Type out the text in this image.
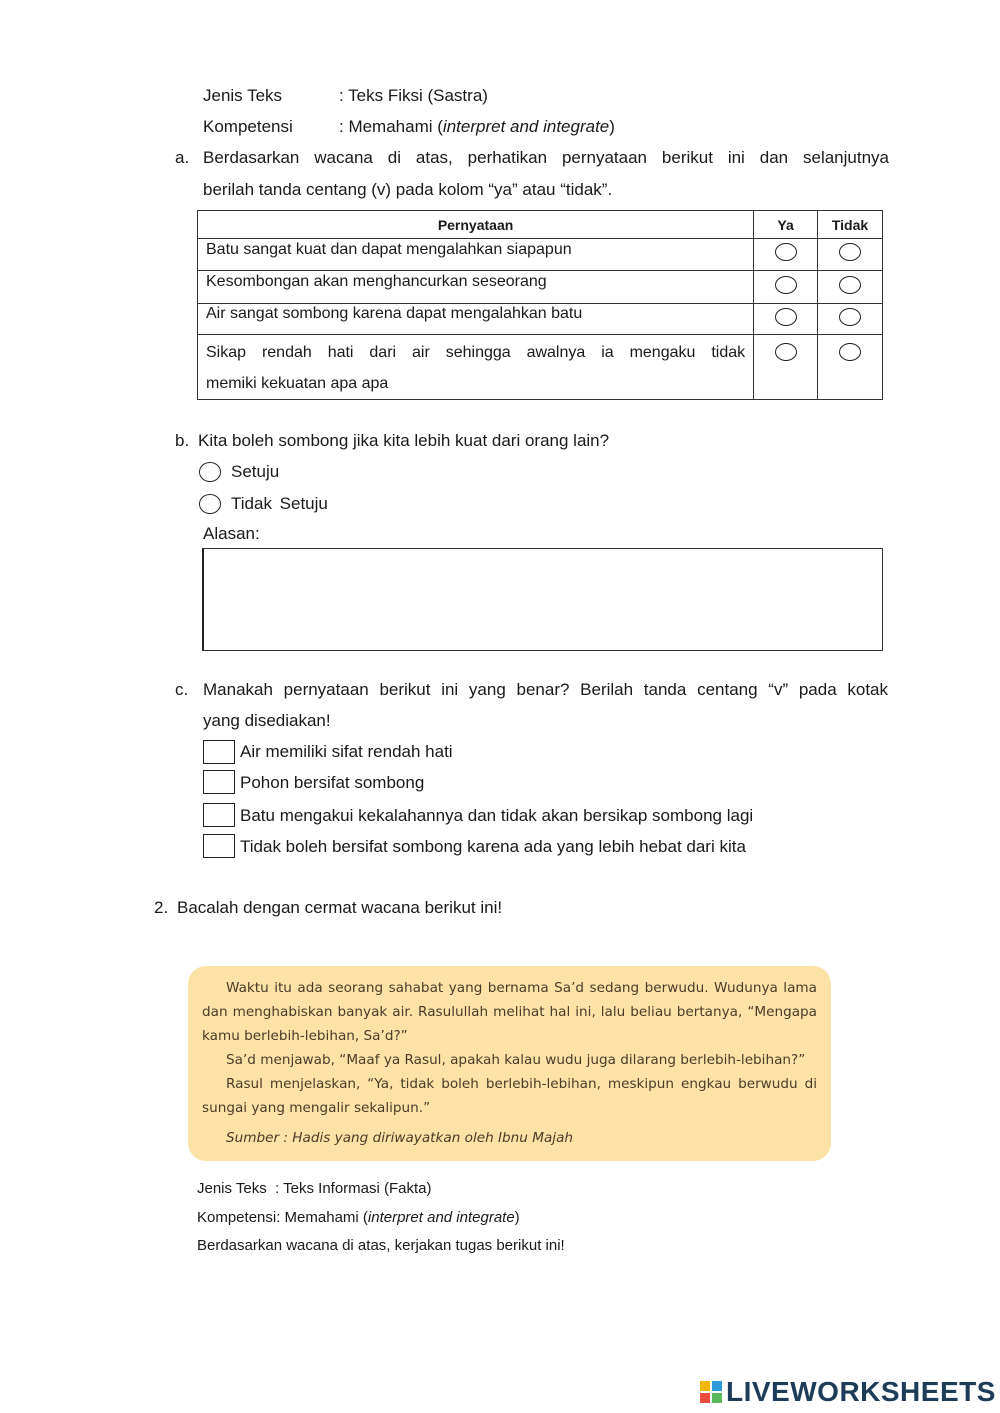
Jenis Teks	: Teks Fiksi (Sastra)
Kompetensi	: Memahami (interpret and integrate)
a. Berdasarkan wacana di atas, perhatikan pernyataan berikut ini dan selanjutnya
berilah tanda centang (v) pada kolom “ya” atau “tidak”.
Pernyataan	Ya	Tidak
Batu sangat kuat dan dapat mengalahkan siapapun		
Kesombongan akan menghancurkan seseorang		
Air sangat sombong karena dapat mengalahkan batu		

Sikap rendah hati dari air sehingga awalnya ia mengaku tidak
memiki kekuatan apa apa		

b. Kita boleh sombong jika kita lebih kuat dari orang lain?
Setuju
Tidak Setuju
Alasan:
c. Manakah pernyataan berikut ini yang benar? Berilah tanda centang “v” pada kotak
yang disediakan!
Air memiliki sifat rendah hati
Pohon bersifat sombong
Batu mengakui kekalahannya dan tidak akan bersikap sombong lagi
Tidak boleh bersifat sombong karena ada yang lebih hebat dari kita
2. Bacalah dengan cermat wacana berikut ini!

Waktu itu ada seorang sahabat yang bernama Sa’d sedang berwudu. Wudunya lama dan menghabiskan banyak air. Rasulullah melihat hal ini, lalu beliau bertanya, “Mengapa kamu berlebih-lebihan, Sa’d?”

Sa’d menjawab, “Maaf ya Rasul, apakah kalau wudu juga dilarang berlebih-lebihan?”

Rasul menjelaskan, “Ya, tidak boleh berlebih-lebihan, meskipun engkau berwudu di sungai yang mengalir sekalipun.”

Sumber : Hadis yang diriwayatkan oleh Ibnu Majah

Jenis Teks  : Teks Informasi (Fakta)
Kompetensi: Memahami (interpret and integrate)
Berdasarkan wacana di atas, kerjakan tugas berikut ini!
LIVEWORKSHEETS
